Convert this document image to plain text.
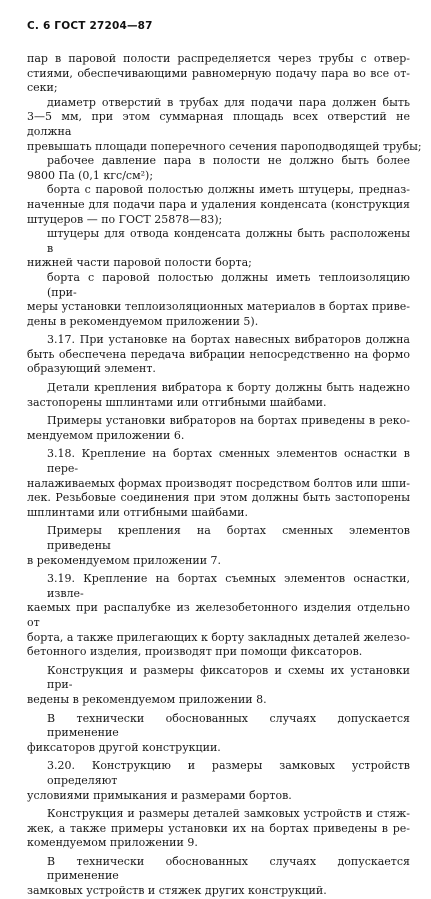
С. 6 ГОСТ 27204—87
пар в паровой полости распределяется через трубы с отвер-
стиями, обеспечивающими равномерную подачу пара во все от-
секи;
диаметр отверстий в трубах для подачи пара должен быть
3—5 мм, при этом суммарная площадь всех отверстий не должна
превышать площади поперечного сечения пароподводящей трубы;
рабочее давление пара в полости не должно быть более
9800 Па (0,1 кгс/см²);
борта с паровой полостью должны иметь штуцеры, предназ-
наченные для подачи пара и удаления конденсата (конструкция
штуцеров — по ГОСТ 25878—83);
штуцеры для отвода конденсата должны быть расположены в
нижней части паровой полости борта;
борта с паровой полостью должны иметь теплоизоляцию (при-
меры установки теплоизоляционных материалов в бортах приве-
дены в рекомендуемом приложении 5).
3.17. При установке на бортах навесных вибраторов должна
быть обеспечена передача вибрации непосредственно на формо
образующий элемент.
Детали крепления вибратора к борту должны быть надежно
застопорены шплинтами или отгибными шайбами.
Примеры установки вибраторов на бортах приведены в реко-
мендуемом приложении 6.
3.18. Крепление на бортах сменных элементов оснастки в пере-
налаживаемых формах производят посредством болтов или шпи-
лек. Резьбовые соединения при этом должны быть застопорены
шплинтами или отгибными шайбами.
Примеры крепления на бортах сменных элементов приведены
в рекомендуемом приложении 7.
3.19. Крепление на бортах съемных элементов оснастки, извле-
каемых при распалубке из железобетонного изделия отдельно от
борта, а также прилегающих к борту закладных деталей железо-
бетонного изделия, производят при помощи фиксаторов.
Конструкция и размеры фиксаторов и схемы их установки при-
ведены в рекомендуемом приложении 8.
В технически обоснованных случаях допускается применение
фиксаторов другой конструкции.
3.20. Конструкцию и размеры замковых устройств определяют
условиями примыкания и размерами бортов.
Конструкция и размеры деталей замковых устройств и стяж-
жек, а также примеры установки их на бортах приведены в ре-
комендуемом приложении 9.
В технически обоснованных случаях допускается применение
замковых устройств и стяжек других конструкций.
